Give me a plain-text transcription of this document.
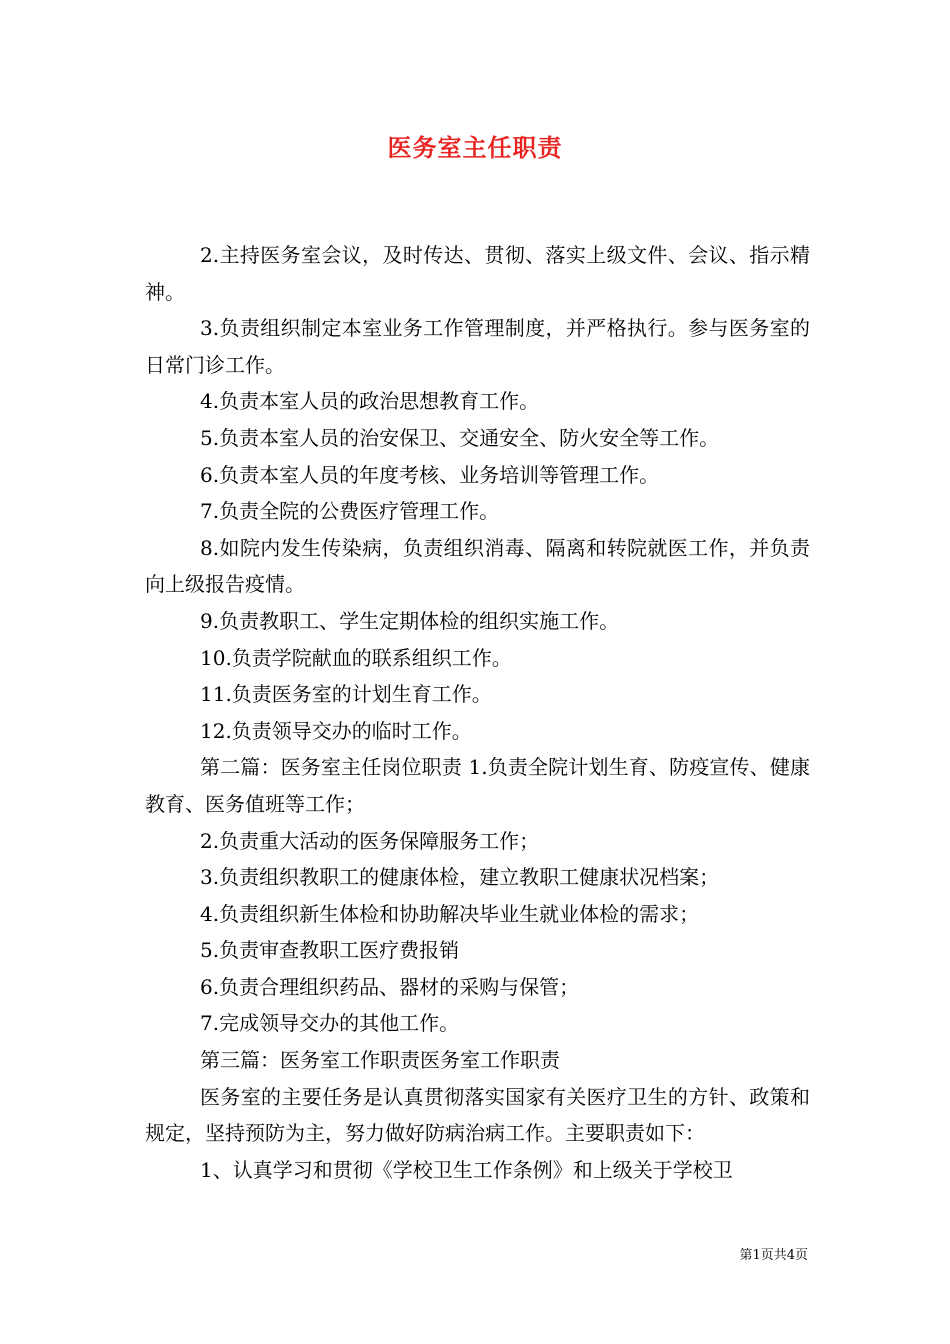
医务室主任职责

2.主持医务室会议，及时传达、贯彻、落实上级文件、会议、指示精神。

3.负责组织制定本室业务工作管理制度，并严格执行。参与医务室的日常门诊工作。

4.负责本室人员的政治思想教育工作。

5.负责本室人员的治安保卫、交通安全、防火安全等工作。

6.负责本室人员的年度考核、业务培训等管理工作。

7.负责全院的公费医疗管理工作。

8.如院内发生传染病，负责组织消毒、隔离和转院就医工作，并负责向上级报告疫情。

9.负责教职工、学生定期体检的组织实施工作。

10.负责学院献血的联系组织工作。

11.负责医务室的计划生育工作。

12.负责领导交办的临时工作。

第二篇：医务室主任岗位职责 1.负责全院计划生育、防疫宣传、健康教育、医务值班等工作；

2.负责重大活动的医务保障服务工作；

3.负责组织教职工的健康体检，建立教职工健康状况档案；

4.负责组织新生体检和协助解决毕业生就业体检的需求；

5.负责审查教职工医疗费报销

6.负责合理组织药品、器材的采购与保管；

7.完成领导交办的其他工作。

第三篇：医务室工作职责医务室工作职责

医务室的主要任务是认真贯彻落实国家有关医疗卫生的方针、政策和规定，坚持预防为主，努力做好防病治病工作。主要职责如下：

1、认真学习和贯彻《学校卫生工作条例》和上级关于学校卫

第1页共4页
